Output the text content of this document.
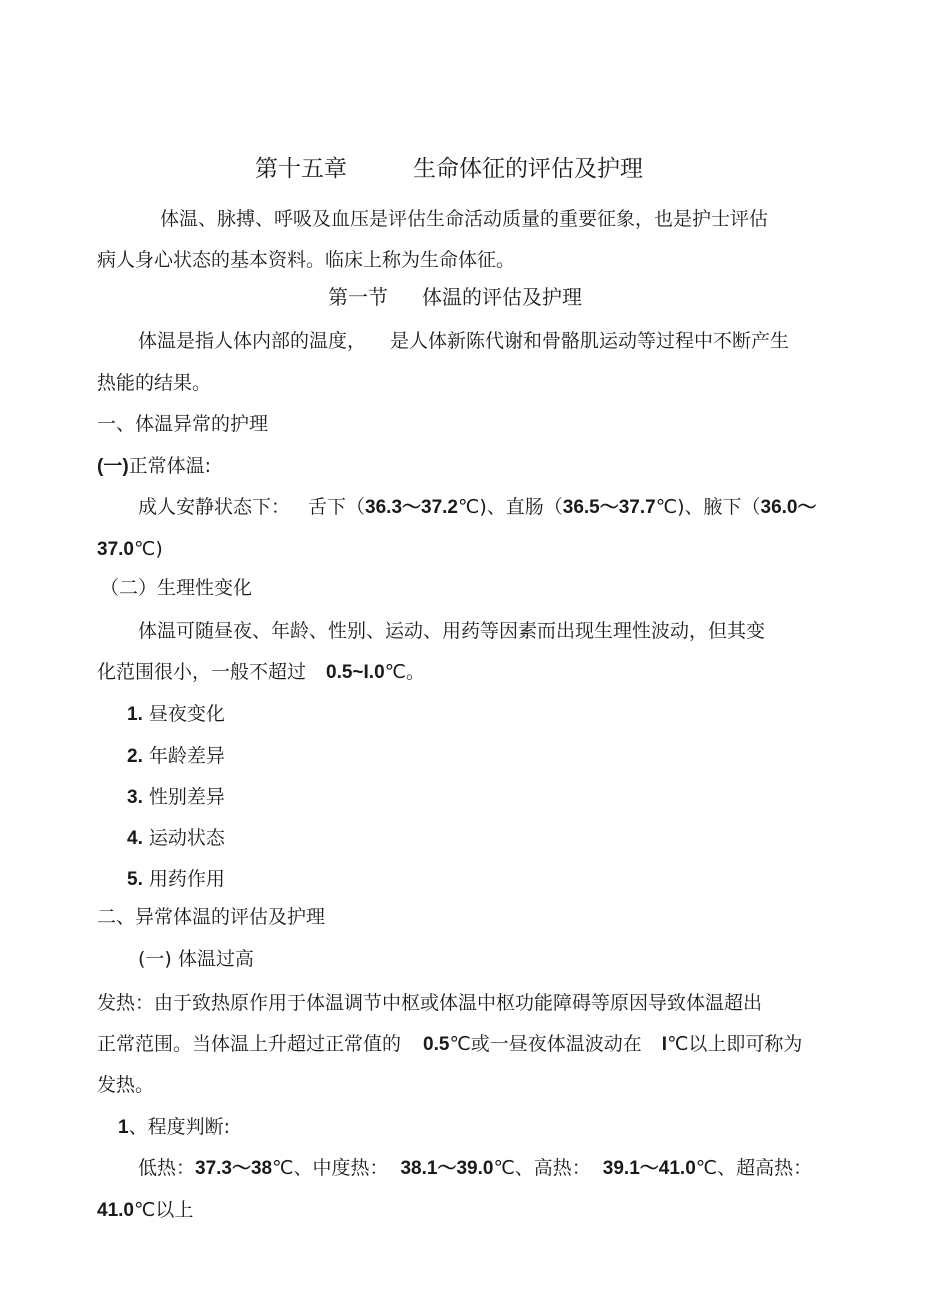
第十五章	生命体征的评估及护理
体温、脉搏、呼吸及血压是评估生命活动质量的重要征象，也是护士评估
病人身心状态的基本资料。临床上称为生命体征。
第一节 体温的评估及护理
体温是指人体内部的温度， 是人体新陈代谢和骨骼肌运动等过程中不断产生
热能的结果。
一、体温异常的护理
(一)正常体温:
成人安静状态下： 舌下（36.3～37.2℃)、直肠（36.5～37.7℃)、腋下（36.0～
37.0℃)
（二）生理性变化
体温可随昼夜、年龄、性别、运动、用药等因素而出现生理性波动，但其变
化范围很小，一般不超过 0.5~I.0℃。
1. 昼夜变化
2. 年龄差异
3. 性别差异
4. 运动状态
5. 用药作用
二、异常体温的评估及护理
(一) 体温过高
发热：由于致热原作用于体温调节中枢或体温中枢功能障碍等原因导致体温超出
正常范围。当体温上升超过正常值的 0.5℃或一昼夜体温波动在 I℃以上即可称为
发热。
1、程度判断:
低热：37.3～38℃、中度热： 38.1～39.0℃、高热： 39.1～41.0℃、超高热：
41.0℃以上
